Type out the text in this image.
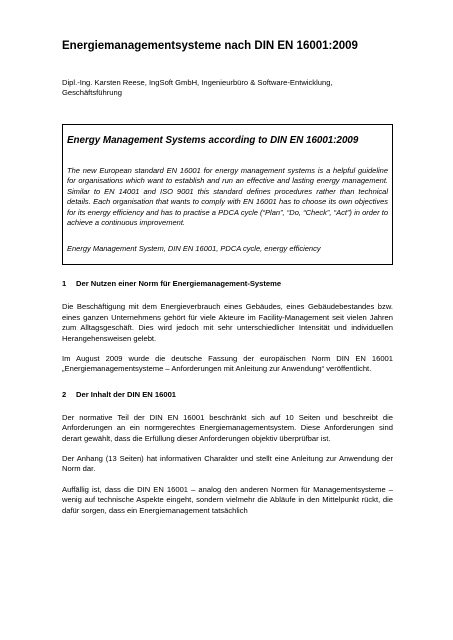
Energiemanagementsysteme nach DIN EN 16001:2009
Dipl.-Ing. Karsten Reese, IngSoft GmbH, Ingenieurbüro & Software-Entwicklung, Geschäftsführung
Energy Management Systems according to DIN EN 16001:2009
The new European standard EN 16001 for energy management systems is a helpful guideline for organisations which want to establish and run an effective and lasting energy management. Similar to EN 14001 and ISO 9001 this standard defines procedures rather than technical details. Each organisation that wants to comply with EN 16001 has to choose its own objectives for its energy efficiency and has to practise a PDCA cycle (“Plan”, “Do, “Check”, “Act”) in order to achieve a continuous improvement.
Energy Management System, DIN EN 16001, PDCA cycle, energy efficiency
1 Der Nutzen einer Norm für Energiemanagement-Systeme
Die Beschäftigung mit dem Energieverbrauch eines Gebäudes, eines Gebäudebestandes bzw. eines ganzen Unternehmens gehört für viele Akteure im Facility-Management seit vielen Jahren zum Alltagsgeschäft. Dies wird jedoch mit sehr unterschiedlicher Intensität und individuellen Herangehensweisen gelebt.
Im August 2009 wurde die deutsche Fassung der europäischen Norm DIN EN 16001 „Energiemanagementsysteme – Anforderungen mit Anleitung zur Anwendung“ veröffentlicht.
2 Der Inhalt der DIN EN 16001
Der normative Teil der DIN EN 16001 beschränkt sich auf 10 Seiten und beschreibt die Anforderungen an ein normgerechtes Energiemanagementsystem. Diese Anforderungen sind derart gewählt, dass die Erfüllung dieser Anforderungen objektiv überprüfbar ist.
Der Anhang (13 Seiten) hat informativen Charakter und stellt eine Anleitung zur Anwendung der Norm dar.
Auffällig ist, dass die DIN EN 16001 – analog den anderen Normen für Managementsysteme – wenig auf technische Aspekte eingeht, sondern vielmehr die Abläufe in den Mittelpunkt rückt, die dafür sorgen, dass ein Energiemanagement tatsächlich
